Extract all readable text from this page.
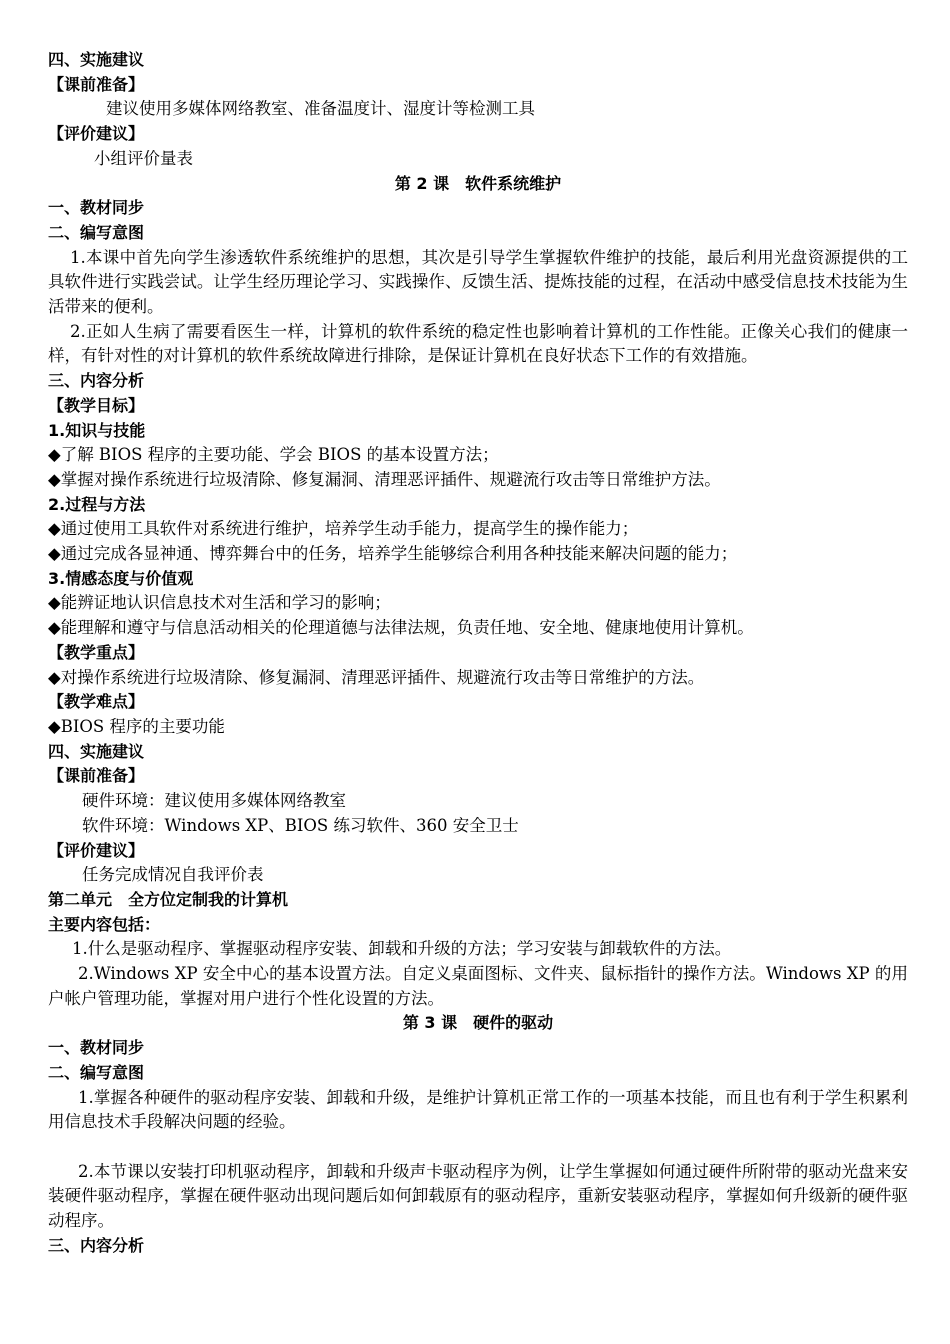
四、实施建议
【课前准备】
建议使用多媒体网络教室、准备温度计、湿度计等检测工具
【评价建议】
小组评价量表
第 2 课　软件系统维护
一、教材同步
二、编写意图
1.本课中首先向学生渗透软件系统维护的思想，其次是引导学生掌握软件维护的技能，最后利用光盘资源提供的工具软件进行实践尝试。让学生经历理论学习、实践操作、反馈生活、提炼技能的过程，在活动中感受信息技术技能为生活带来的便利。
2.正如人生病了需要看医生一样，计算机的软件系统的稳定性也影响着计算机的工作性能。正像关心我们的健康一样，有针对性的对计算机的软件系统故障进行排除，是保证计算机在良好状态下工作的有效措施。
三、内容分析
【教学目标】
1.知识与技能
◆了解 BIOS 程序的主要功能、学会 BIOS 的基本设置方法；
◆掌握对操作系统进行垃圾清除、修复漏洞、清理恶评插件、规避流行攻击等日常维护方法。
2.过程与方法
◆通过使用工具软件对系统进行维护，培养学生动手能力，提高学生的操作能力；
◆通过完成各显神通、博弈舞台中的任务，培养学生能够综合利用各种技能来解决问题的能力；
3.情感态度与价值观
◆能辨证地认识信息技术对生活和学习的影响；
◆能理解和遵守与信息活动相关的伦理道德与法律法规，负责任地、安全地、健康地使用计算机。
【教学重点】
◆对操作系统进行垃圾清除、修复漏洞、清理恶评插件、规避流行攻击等日常维护的方法。
【教学难点】
◆BIOS 程序的主要功能
四、实施建议
【课前准备】
硬件环境：建议使用多媒体网络教室
软件环境：Windows XP、BIOS 练习软件、360 安全卫士
【评价建议】
任务完成情况自我评价表
第二单元　全方位定制我的计算机
主要内容包括：
1.什么是驱动程序、掌握驱动程序安装、卸载和升级的方法；学习安装与卸载软件的方法。
2.Windows XP 安全中心的基本设置方法。自定义桌面图标、文件夹、鼠标指针的操作方法。Windows XP 的用户帐户管理功能，掌握对用户进行个性化设置的方法。
第 3 课　硬件的驱动
一、教材同步
二、编写意图
1.掌握各种硬件的驱动程序安装、卸载和升级，是维护计算机正常工作的一项基本技能，而且也有利于学生积累利用信息技术手段解决问题的经验。
2.本节课以安装打印机驱动程序，卸载和升级声卡驱动程序为例，让学生掌握如何通过硬件所附带的驱动光盘来安装硬件驱动程序，掌握在硬件驱动出现问题后如何卸载原有的驱动程序，重新安装驱动程序，掌握如何升级新的硬件驱动程序。
三、内容分析
